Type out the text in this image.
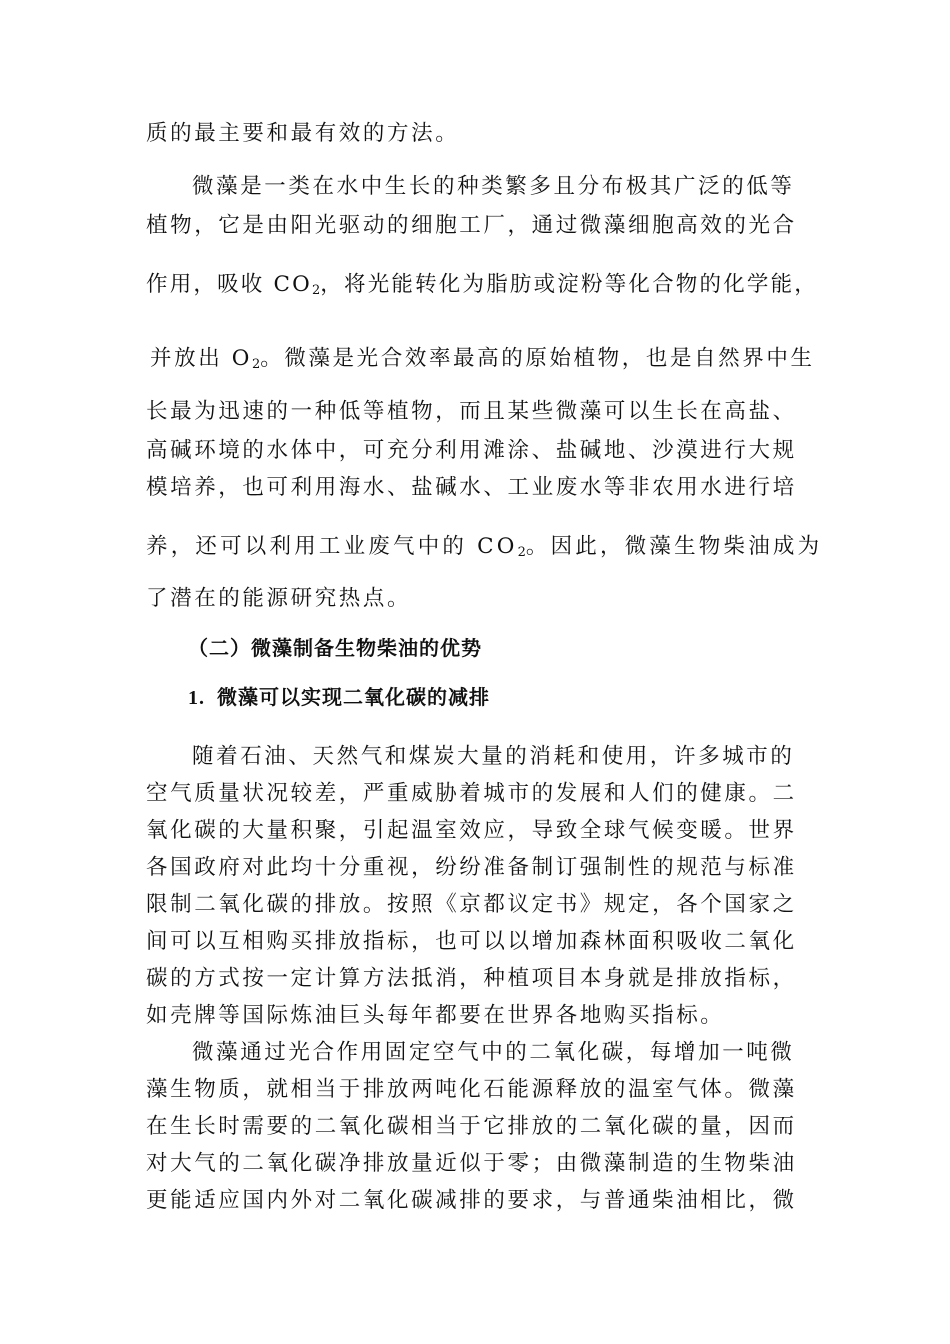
质的最主要和最有效的方法。
微藻是一类在水中生长的种类繁多且分布极其广泛的低等
植物，它是由阳光驱动的细胞工厂，通过微藻细胞高效的光合
作用，吸收 $CO_2$，将光能转化为脂肪或淀粉等化合物的化学能，
并放出 $O_2$。微藻是光合效率最高的原始植物，也是自然界中生
长最为迅速的一种低等植物，而且某些微藻可以生长在高盐、
高碱环境的水体中，可充分利用滩涂、盐碱地、沙漠进行大规
模培养，也可利用海水、盐碱水、工业废水等非农用水进行培
养，还可以利用工业废气中的 $CO_2$。因此，微藻生物柴油成为
了潜在的能源研究热点。
（二）微藻制备生物柴油的优势
1. 微藻可以实现二氧化碳的减排
随着石油、天然气和煤炭大量的消耗和使用，许多城市的
空气质量状况较差，严重威胁着城市的发展和人们的健康。二
氧化碳的大量积聚，引起温室效应，导致全球气候变暖。世界
各国政府对此均十分重视，纷纷准备制订强制性的规范与标准
限制二氧化碳的排放。按照《京都议定书》规定，各个国家之
间可以互相购买排放指标，也可以以增加森林面积吸收二氧化
碳的方式按一定计算方法抵消，种植项目本身就是排放指标，
如壳牌等国际炼油巨头每年都要在世界各地购买指标。
微藻通过光合作用固定空气中的二氧化碳，每增加一吨微
藻生物质，就相当于排放两吨化石能源释放的温室气体。微藻
在生长时需要的二氧化碳相当于它排放的二氧化碳的量，因而
对大气的二氧化碳净排放量近似于零；由微藻制造的生物柴油
更能适应国内外对二氧化碳减排的要求，与普通柴油相比，微
